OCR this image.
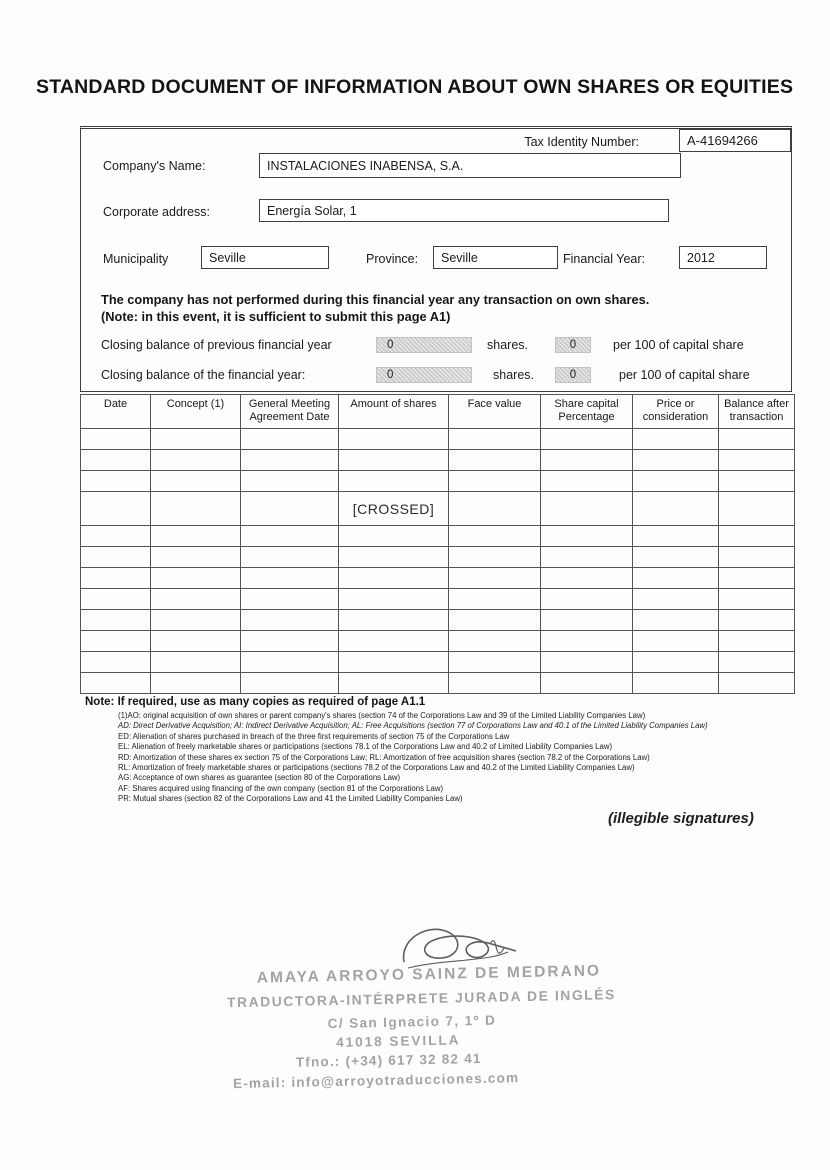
STANDARD DOCUMENT OF INFORMATION ABOUT OWN SHARES OR EQUITIES
Tax Identity Number:	A-41694266
Company's Name:	INSTALACIONES INABENSA, S.A.
Corporate address:	Energía Solar, 1
Municipality	Seville	Province:	Seville	Financial Year:	2012
The company has not performed during this financial year any transaction on own shares.
(Note: in this event, it is sufficient to submit this page A1)
Closing balance of previous financial year	0	shares.	0	per 100 of capital share
Closing balance of the financial year:	0	shares.	0	per 100 of capital share
Date	Concept (1)	General Meeting Agreement Date	Amount of shares	Face value	Share capital Percentage	Price or consideration	Balance after transaction

			[CROSSED]				

Note: If required, use as many copies as required of page A1.1
(1)AO: original acquisition of own shares or parent company's shares (section 74 of the Corporations Law and 39 of the Limited Liability Companies Law)
AD: Direct Derivative Acquisition; AI: Indirect Derivative Acquisition; AL: Free Acquisitions (section 77 of Corporations Law and 40.1 of the Limited Liability Companies Law)
ED: Alienation of shares purchased in breach of the three first requirements of section 75 of the Corporations Law
EL: Alienation of freely marketable shares or participations (sections 78.1 of the Corporations Law and 40.2 of Limited Liability Companies Law)
RD: Amortization of these shares ex section 75 of the Corporations Law; RL: Amortization of free acquisition shares (section 78.2 of the Corporations Law)
RL: Amortization of freely marketable shares or participations (sections 78.2 of the Corporations Law and 40.2 of the Limited Liability Companies Law)
AG: Acceptance of own shares as guarantee (section 80 of the Corporations Law)
AF: Shares acquired using financing of the own company (section 81 of the Corporations Law)
PR: Mutual shares (section 82 of the Corporations Law and 41 the Limited Liability Companies Law)
(illegible signatures)
AMAYA ARROYO SAINZ DE MEDRANO
TRADUCTORA-INTÉRPRETE JURADA DE INGLÉS
C/ San Ignacio 7, 1º D
41018 SEVILLA
Tfno.: (+34) 617 32 82 41
E-mail: info@arroyotraducciones.com
